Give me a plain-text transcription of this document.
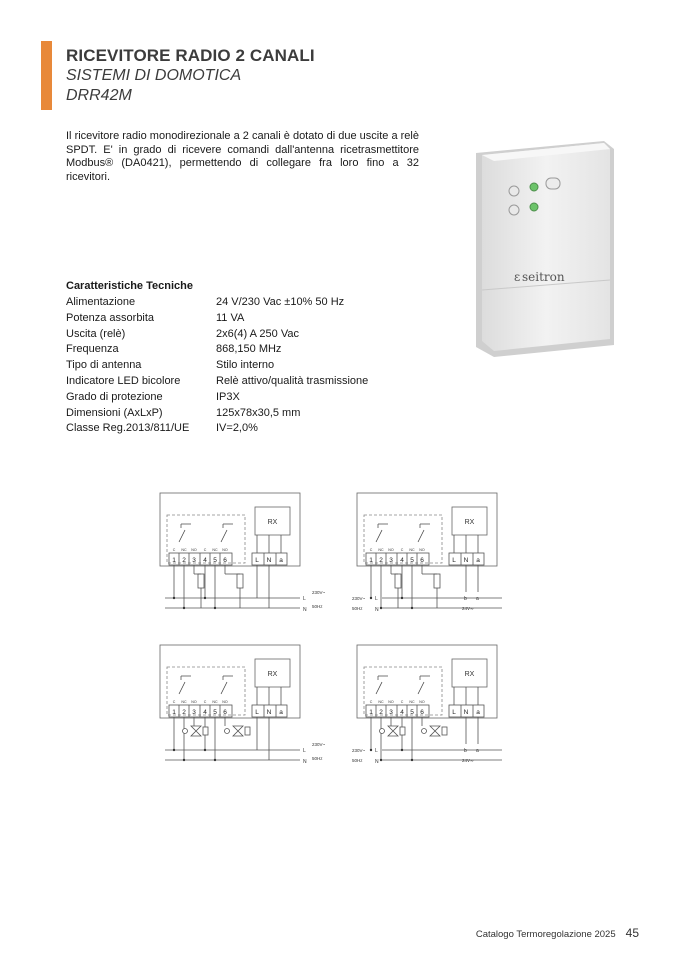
RICEVITORE RADIO 2 CANALI
SISTEMI DI DOMOTICA
DRR42M
Il ricevitore radio monodirezionale a 2 canali è dotato di due uscite a relè SPDT. E' in grado di ricevere comandi dall'antenna ricetrasmettitore Modbus® (DA0421), permettendo di collegare fra loro fino a 32 ricevitori.
seitron
ε
Caratteristiche Tecniche
Alimentazione	24 V/230 Vac ±10% 50 Hz
Potenza assorbita	11 VA
Uscita (relè)	2x6(4) A 250 Vac
Frequenza	868,150 MHz
Tipo di antenna	Stilo interno
Indicatore LED bicolore	Relè attivo/qualità trasmissione
Grado di protezione	IP3X
Dimensioni (AxLxP)	125x78x30,5 mm
Classe Reg.2013/811/UE	IV=2,0%
RX
1 2 3 4 5 6	L N a
C NC NO C NC NO
L
N
230V~
50Hz
RX
1 2 3 4 5 6	L N a
C NC NO C NC NO
230V~
50Hz
L
N
b a
24V≂
RX
1 2 3 4 5 6	L N a
C NC NO C NC NO
L
N
230V~
50Hz
RX
1 2 3 4 5 6	L N a
C NC NO C NC NO
230V~
50Hz
L
N
b a
24V≂
Catalogo Termoregolazione 2025 45
